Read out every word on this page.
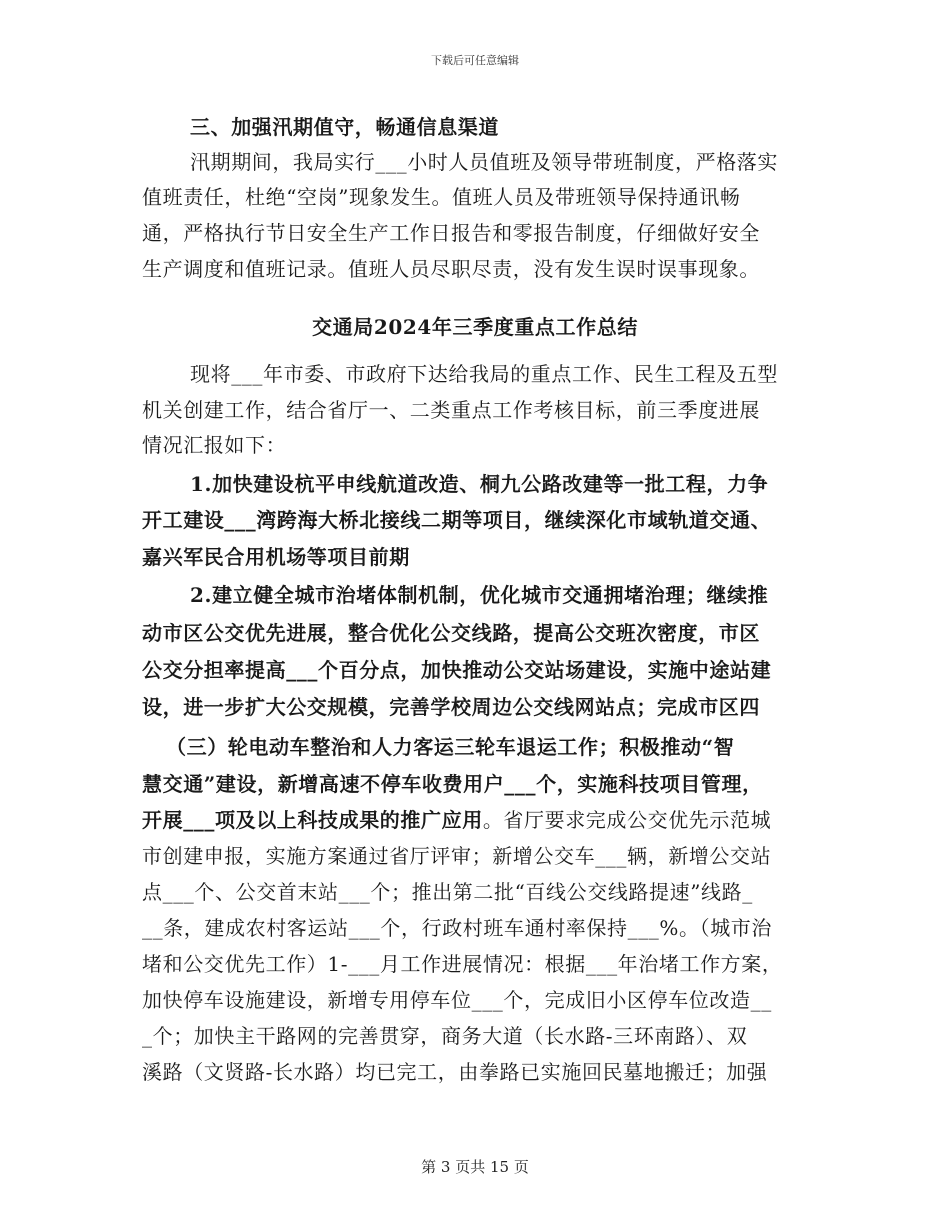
下载后可任意编辑
三、加强汛期值守，畅通信息渠道
汛期期间，我局实行___小时人员值班及领导带班制度，严格落实
值班责任，杜绝“空岗”现象发生。值班人员及带班领导保持通讯畅
通，严格执行节日安全生产工作日报告和零报告制度，仔细做好安全
生产调度和值班记录。值班人员尽职尽责，没有发生误时误事现象。
交通局2024年三季度重点工作总结
现将___年市委、市政府下达给我局的重点工作、民生工程及五型
机关创建工作，结合省厅一、二类重点工作考核目标，前三季度进展
情况汇报如下：
1.加快建设杭平申线航道改造、桐九公路改建等一批工程，力争
开工建设___湾跨海大桥北接线二期等项目，继续深化市域轨道交通、
嘉兴军民合用机场等项目前期
2.建立健全城市治堵体制机制，优化城市交通拥堵治理；继续推
动市区公交优先进展，整合优化公交线路，提高公交班次密度，市区
公交分担率提高___个百分点，加快推动公交站场建设，实施中途站建
设，进一步扩大公交规模，完善学校周边公交线网站点；完成市区四
（三）轮电动车整治和人力客运三轮车退运工作；积极推动“智
慧交通”建设，新增高速不停车收费用户___个，实施科技项目管理，
开展___项及以上科技成果的推广应用。省厅要求完成公交优先示范城
市创建申报，实施方案通过省厅评审；新增公交车___辆，新增公交站
点___个、公交首末站___个；推出第二批“百线公交线路提速”线路_
__条，建成农村客运站___个，行政村班车通村率保持___%。（城市治
堵和公交优先工作）1-___月工作进展情况：根据___年治堵工作方案，
加快停车设施建设，新增专用停车位___个，完成旧小区停车位改造__
_个；加快主干路网的完善贯穿，商务大道（长水路-三环南路）、双
溪路（文贤路-长水路）均已完工，由拳路已实施回民墓地搬迁；加强
第 3 页共 15 页
